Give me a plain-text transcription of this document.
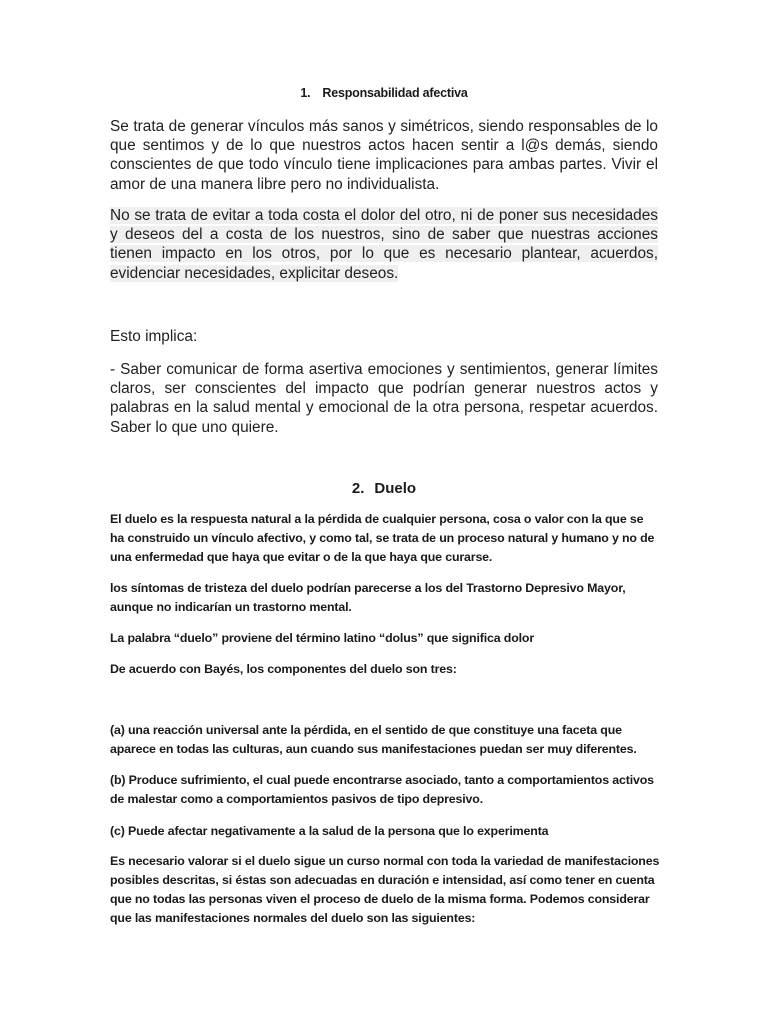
1. Responsabilidad afectiva

Se trata de generar vínculos más sanos y simétricos, siendo responsables de lo que sentimos y de lo que nuestros actos hacen sentir a l@s demás, siendo conscientes de que todo vínculo tiene implicaciones para ambas partes. Vivir el amor de una manera libre pero no individualista.

No se trata de evitar a toda costa el dolor del otro, ni de poner sus necesidades y deseos del a costa de los nuestros, sino de saber que nuestras acciones tienen impacto en los otros, por lo que es necesario plantear, acuerdos, evidenciar necesidades, explicitar deseos.

Esto implica:

- Saber comunicar de forma asertiva emociones y sentimientos, generar límites claros, ser conscientes del impacto que podrían generar nuestros actos y palabras en la salud mental y emocional de la otra persona, respetar acuerdos. Saber lo que uno quiere.

2. Duelo

El duelo es la respuesta natural a la pérdida de cualquier persona, cosa o valor con la que se ha construido un vínculo afectivo, y como tal, se trata de un proceso natural y humano y no de una enfermedad que haya que evitar o de la que haya que curarse.

los síntomas de tristeza del duelo podrían parecerse a los del Trastorno Depresivo Mayor, aunque no indicarían un trastorno mental.

La palabra “duelo” proviene del término latino “dolus” que significa dolor

De acuerdo con Bayés, los componentes del duelo son tres:

(a) una reacción universal ante la pérdida, en el sentido de que constituye una faceta que aparece en todas las culturas, aun cuando sus manifestaciones puedan ser muy diferentes.

(b) Produce sufrimiento, el cual puede encontrarse asociado, tanto a comportamientos activos de malestar como a comportamientos pasivos de tipo depresivo.

(c) Puede afectar negativamente a la salud de la persona que lo experimenta

Es necesario valorar si el duelo sigue un curso normal con toda la variedad de manifestaciones posibles descritas, si éstas son adecuadas en duración e intensidad, así como tener en cuenta que no todas las personas viven el proceso de duelo de la misma forma. Podemos considerar que las manifestaciones normales del duelo son las siguientes:
